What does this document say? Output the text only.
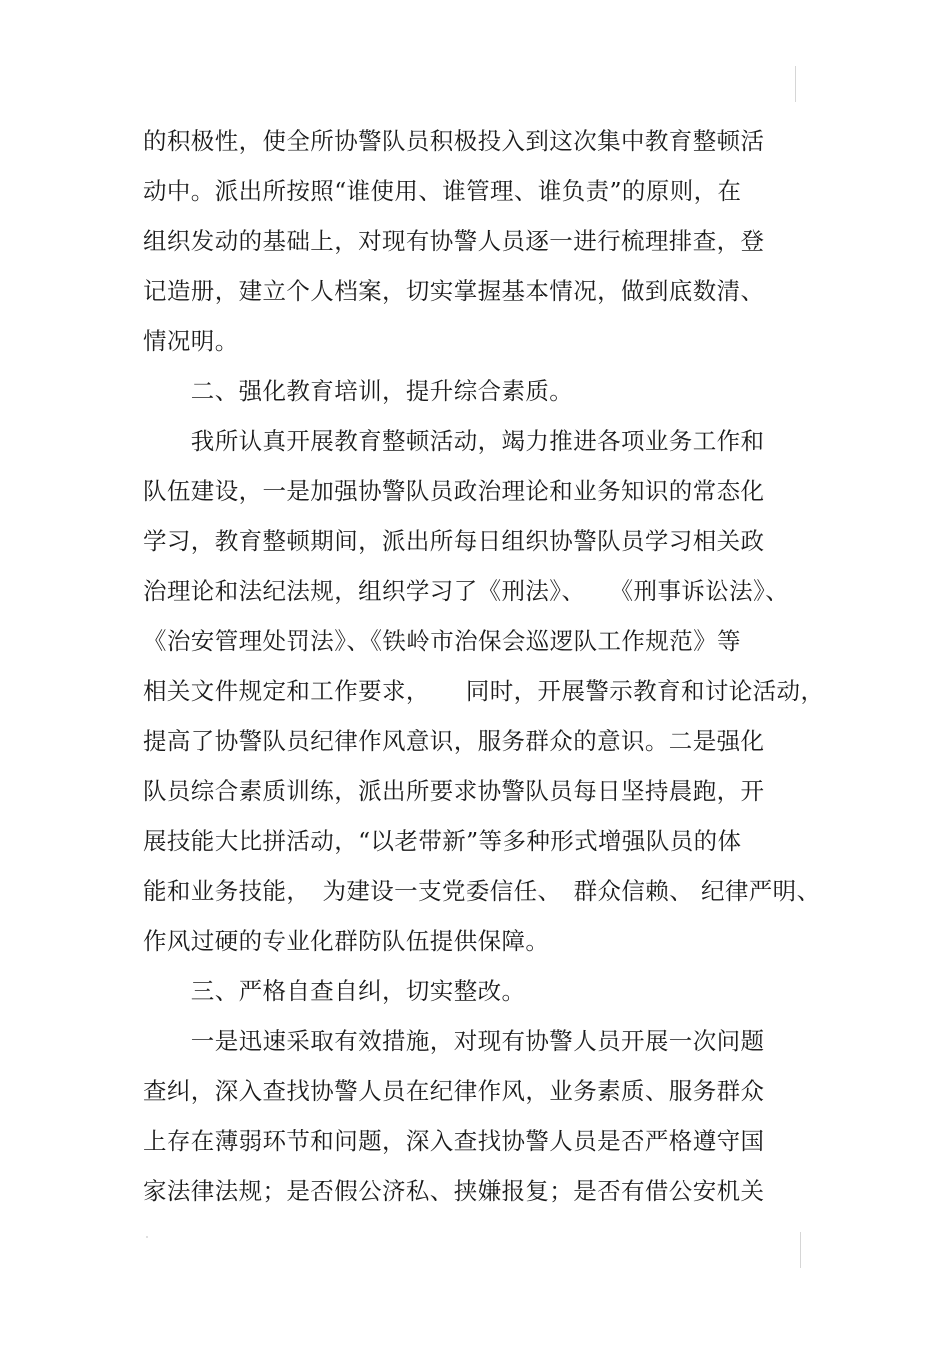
的积极性，使全所协警队员积极投入到这次集中教育整顿活
动中。派出所按照“谁使用、谁管理、谁负责”的原则，在
组织发动的基础上，对现有协警人员逐一进行梳理排查，登
记造册，建立个人档案，切实掌握基本情况，做到底数清、
情况明。
　　二、强化教育培训，提升综合素质。
　　我所认真开展教育整顿活动，竭力推进各项业务工作和
队伍建设，一是加强协警队员政治理论和业务知识的常态化
学习，教育整顿期间，派出所每日组织协警队员学习相关政
治理论和法纪法规，组织学习了《刑法》、　　《刑事诉讼法》、
《治安管理处罚法》、《铁岭市治保会巡逻队工作规范》等
相关文件规定和工作要求，　　同时，开展警示教育和讨论活动，
提高了协警队员纪律作风意识，服务群众的意识。二是强化
队员综合素质训练，派出所要求协警队员每日坚持晨跑，开
展技能大比拼活动，“以老带新”等多种形式增强队员的体
能和业务技能，　为建设一支党委信任、　群众信赖、 纪律严明、
作风过硬的专业化群防队伍提供保障。
　　三、严格自查自纠，切实整改。
　　一是迅速采取有效措施，对现有协警人员开展一次问题
查纠，深入查找协警人员在纪律作风，业务素质、服务群众
上存在薄弱环节和问题，深入查找协警人员是否严格遵守国
家法律法规；是否假公济私、挟嫌报复；是否有借公安机关
